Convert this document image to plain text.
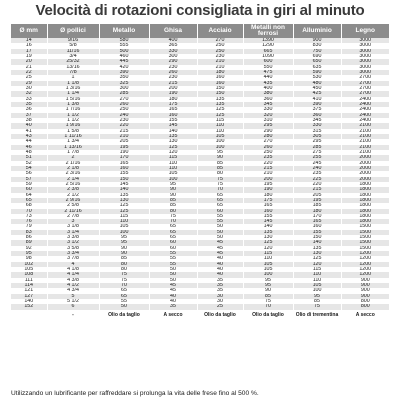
Velocità di rotazioni consigliata in giri al minuto
Ø mm	Ø pollici	Metallo	Ghisa	Acciaio	Metalli non ferrosi	Alluminio	Legno
14	9/16	580	400	270	1390	900	3000
16	5/8	555	365	250	1290	830	3000
17	11/16	500	330	250	665	750	3000
19	3/4	460	300	230	1090	690	3000
20	25/32	445	290	210	600	650	3000
21	13/16	420	230	210	550	635	3000
22	7/8	390	260	180	475	590	3000
25	1	350	230	160	440	530	2700
29	1 1/8	325	215	160	435	480	2700
30	1 3/16	300	200	150	400	450	2700
32	1 1/4	285	190	150	380	425	2700
33	1 5/16	270	180	135	360	410	2400
35	1 3/8	260	175	135	345	390	2400
36	1 7/16	250	165	125	330	375	2400
37	1 1/2	240	160	125	320	360	2400
38	1 1/2	230	155	115	310	345	2400
40	1 9/16	220	145	110	295	330	2100
41	1 5/8	215	140	110	290	315	2100
43	1 11/16	210	135	105	280	305	2100
44	1 3/4	205	130	100	270	295	2100
46	1 13/16	195	125	100	260	285	2100
48	1 7/8	190	120	95	250	275	2100
51	2	170	115	90	235	255	2000
52	2 1/16	165	110	85	220	245	2000
54	2 1/8	160	110	85	215	240	2000
56	2 3/16	155	105	80	210	235	2000
57	2 1/4	150	100	75	200	225	2000
59	2 5/16	145	95	75	195	220	1800
60	2 3/8	140	90	70	190	215	1800
64	2 1/2	135	90	65	180	205	1800
65	2 9/16	130	85	65	175	195	1800
68	2 5/8	125	85	65	165	185	1800
70	2 11/16	125	80	60	160	180	1800
73	2 7/8	115	75	55	155	170	1800
76	3	110	70	55	145	165	1800
79	3 1/8	105	65	50	140	160	1500
83	3 1/4	100	65	50	135	155	1500
86	3 3/8	95	65	50	130	150	1500
89	3 1/2	95	60	45	125	140	1500
92	3 5/8	90	60	45	120	135	1500
95	3 3/4	90	55	45	115	130	1200
98	3 7/8	85	55	40	110	125	1200
102	4	80	55	40	105	120	1200
105	4 1/8	80	50	40	105	115	1200
108	4 1/4	75	50	40	100	110	1200
111	4 3/8	75	50	35	95	110	900
114	4 1/2	70	45	35	95	105	900
121	4 3/4	65	45	35	90	100	900
127	5	65	40	30	85	95	900
140	5 1/2	55	40	30	75	85	800
152	6	50	35	25	70	75	800
	-	Olio da taglio	A secco	Olio da taglio	Olio da taglio	Olio di trementina	A secco
Utilizzando un lubrificante per raffreddare si prolunga la vita delle frese fino al 500 %.
